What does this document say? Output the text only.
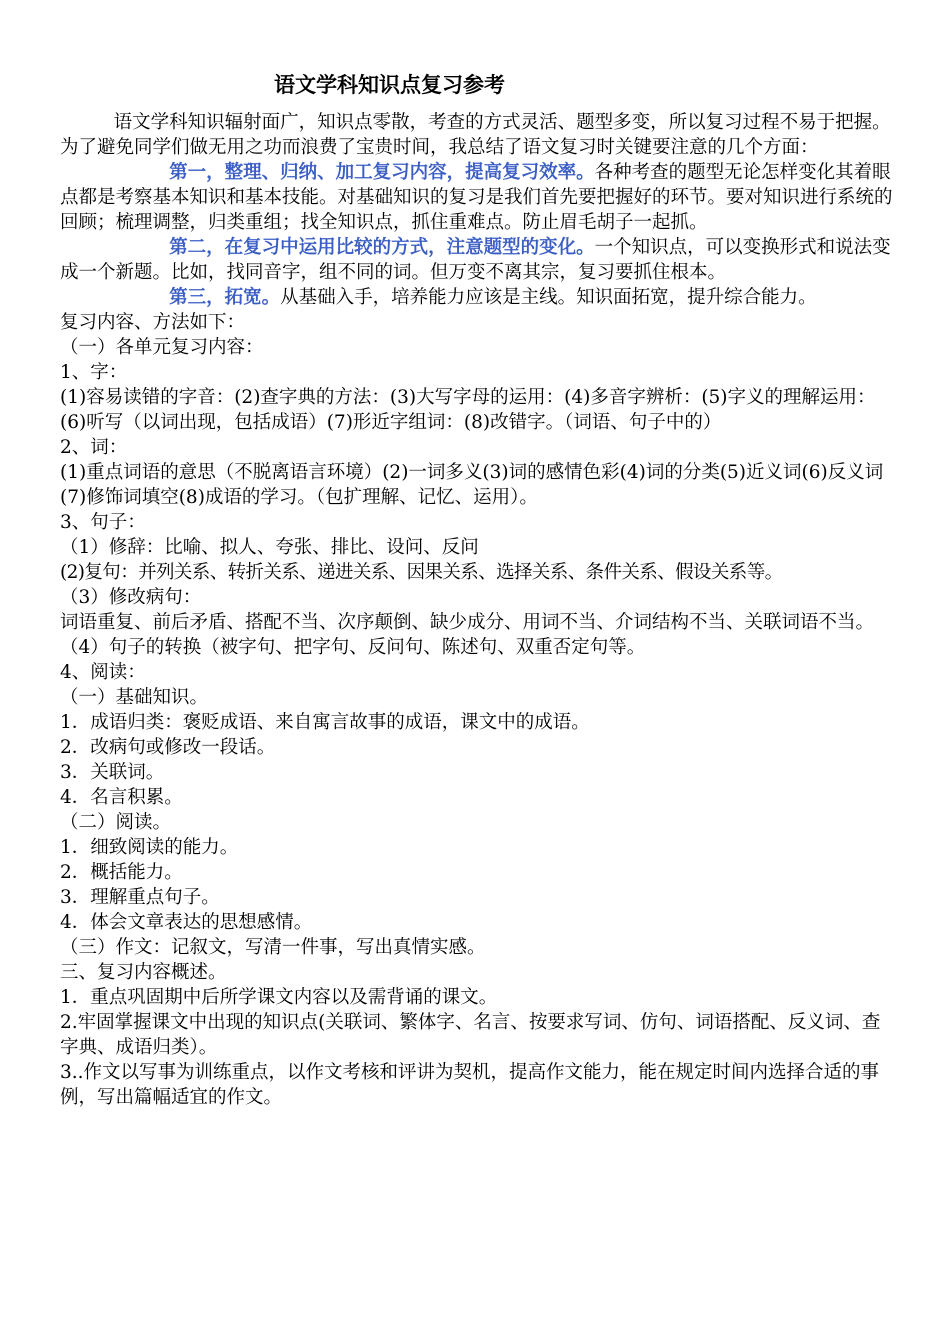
语文学科知识点复习参考

语文学科知识辐射面广，知识点零散，考查的方式灵活、题型多变，所以复习过程不易于把握。为了避免同学们做无用之功而浪费了宝贵时间，我总结了语文复习时关键要注意的几个方面：

第一，整理、归纳、加工复习内容，提高复习效率。各种考查的题型无论怎样变化其着眼点都是考察基本知识和基本技能。对基础知识的复习是我们首先要把握好的环节。要对知识进行系统的回顾；梳理调整，归类重组；找全知识点，抓住重难点。防止眉毛胡子一起抓。

第二，在复习中运用比较的方式，注意题型的变化。一个知识点，可以变换形式和说法变成一个新题。比如，找同音字，组不同的词。但万变不离其宗，复习要抓住根本。

第三，拓宽。从基础入手，培养能力应该是主线。知识面拓宽，提升综合能力。

复习内容、方法如下：

（一）各单元复习内容：

1、字：

(1)容易读错的字音：(2)查字典的方法：(3)大写字母的运用：(4)多音字辨析：(5)字义的理解运用：(6)听写（以词出现，包括成语）(7)形近字组词：(8)改错字。（词语、句子中的）

2、词：

(1)重点词语的意思（不脱离语言环境）(2)一词多义(3)词的感情色彩(4)词的分类(5)近义词(6)反义词(7)修饰词填空(8)成语的学习。（包扩理解、记忆、运用）。

3、句子：

（1）修辞：比喻、拟人、夸张、排比、设问、反问

(2)复句：并列关系、转折关系、递进关系、因果关系、选择关系、条件关系、假设关系等。

（3）修改病句：

词语重复、前后矛盾、搭配不当、次序颠倒、缺少成分、用词不当、介词结构不当、关联词语不当。

（4）句子的转换（被字句、把字句、反问句、陈述句、双重否定句等。

4、阅读：

（一）基础知识。

1．成语归类：褒贬成语、来自寓言故事的成语，课文中的成语。

2．改病句或修改一段话。

3．关联词。

4．名言积累。

（二）阅读。

1．细致阅读的能力。

2．概括能力。

3．理解重点句子。

4．体会文章表达的思想感情。

（三）作文：记叙文，写清一件事，写出真情实感。

三、复习内容概述。

1．重点巩固期中后所学课文内容以及需背诵的课文。

2.牢固掌握课文中出现的知识点(关联词、繁体字、名言、按要求写词、仿句、词语搭配、反义词、查字典、成语归类）。

3..作文以写事为训练重点，以作文考核和评讲为契机，提高作文能力，能在规定时间内选择合适的事例，写出篇幅适宜的作文。
